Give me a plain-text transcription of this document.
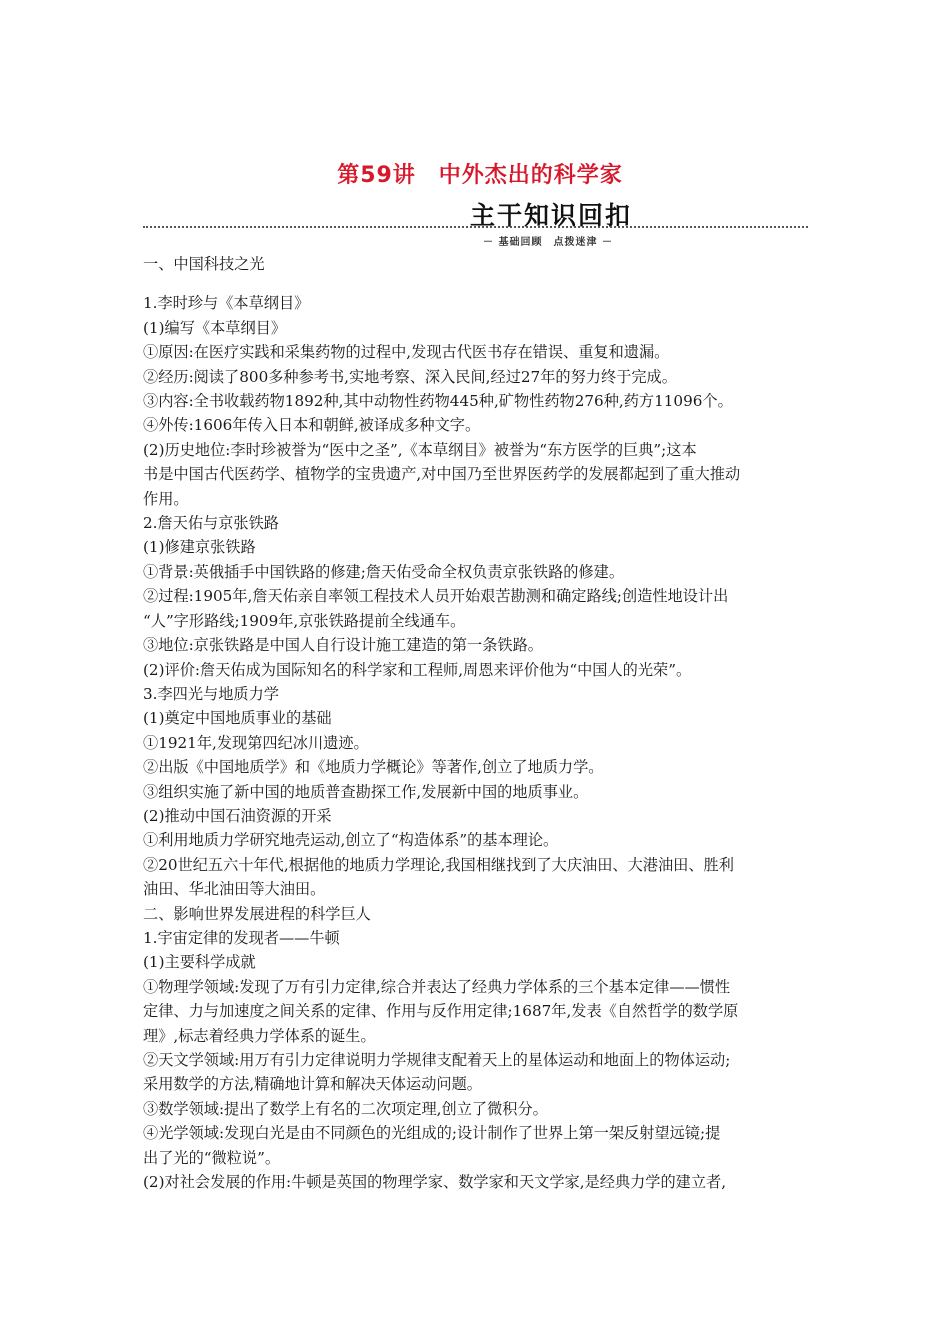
第59讲　中外杰出的科学家
主干知识回扣
－ 基础回顾　点拨迷津 －
一、中国科技之光
1.李时珍与《本草纲目》
(1)编写《本草纲目》
①原因:在医疗实践和采集药物的过程中,发现古代医书存在错误、重复和遗漏。
②经历:阅读了800多种参考书,实地考察、深入民间,经过27年的努力终于完成。
③内容:全书收载药物1892种,其中动物性药物445种,矿物性药物276种,药方11096个。
④外传:1606年传入日本和朝鲜,被译成多种文字。
(2)历史地位:李时珍被誉为“医中之圣”,《本草纲目》被誉为“东方医学的巨典”;这本
书是中国古代医药学、植物学的宝贵遗产,对中国乃至世界医药学的发展都起到了重大推动
作用。
2.詹天佑与京张铁路
(1)修建京张铁路
①背景:英俄插手中国铁路的修建;詹天佑受命全权负责京张铁路的修建。
②过程:1905年,詹天佑亲自率领工程技术人员开始艰苦勘测和确定路线;创造性地设计出
“人”字形路线;1909年,京张铁路提前全线通车。
③地位:京张铁路是中国人自行设计施工建造的第一条铁路。
(2)评价:詹天佑成为国际知名的科学家和工程师,周恩来评价他为“中国人的光荣”。
3.李四光与地质力学
(1)奠定中国地质事业的基础
①1921年,发现第四纪冰川遗迹。
②出版《中国地质学》和《地质力学概论》等著作,创立了地质力学。
③组织实施了新中国的地质普查勘探工作,发展新中国的地质事业。
(2)推动中国石油资源的开采
①利用地质力学研究地壳运动,创立了“构造体系”的基本理论。
②20世纪五六十年代,根据他的地质力学理论,我国相继找到了大庆油田、大港油田、胜利
油田、华北油田等大油田。
二、影响世界发展进程的科学巨人
1.宇宙定律的发现者——牛顿
(1)主要科学成就
①物理学领域:发现了万有引力定律,综合并表达了经典力学体系的三个基本定律——惯性
定律、力与加速度之间关系的定律、作用与反作用定律;1687年,发表《自然哲学的数学原
理》,标志着经典力学体系的诞生。
②天文学领域:用万有引力定律说明力学规律支配着天上的星体运动和地面上的物体运动;
采用数学的方法,精确地计算和解决天体运动问题。
③数学领域:提出了数学上有名的二次项定理,创立了微积分。
④光学领域:发现白光是由不同颜色的光组成的;设计制作了世界上第一架反射望远镜;提
出了光的“微粒说”。
(2)对社会发展的作用:牛顿是英国的物理学家、数学家和天文学家,是经典力学的建立者,
